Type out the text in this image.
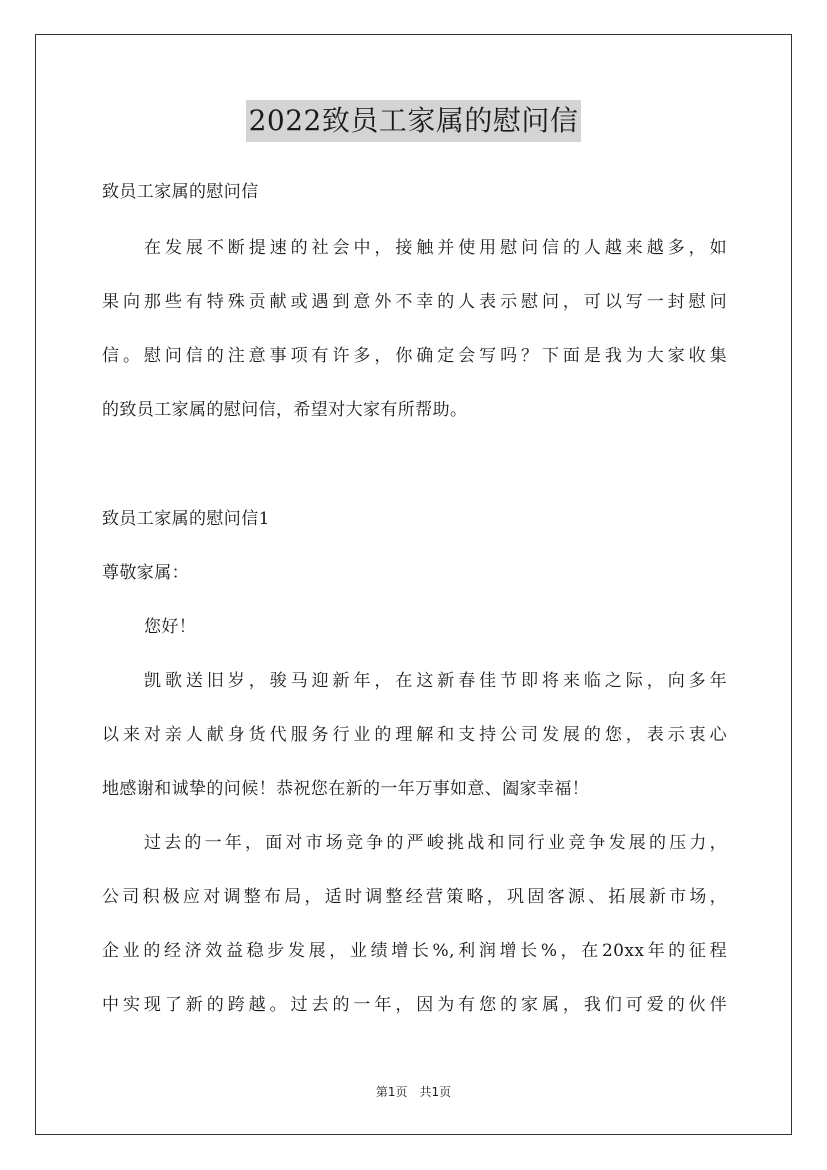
2022致员工家属的慰问信
致员工家属的慰问信
在发展不断提速的社会中，接触并使用慰问信的人越来越多，如
果向那些有特殊贡献或遇到意外不幸的人表示慰问，可以写一封慰问
信。慰问信的注意事项有许多，你确定会写吗？下面是我为大家收集
的致员工家属的慰问信，希望对大家有所帮助。
致员工家属的慰问信1
尊敬家属：
您好！
凯歌送旧岁，骏马迎新年，在这新春佳节即将来临之际，向多年
以来对亲人献身货代服务行业的理解和支持公司发展的您，表示衷心
地感谢和诚挚的问候！恭祝您在新的一年万事如意、阖家幸福！
过去的一年，面对市场竞争的严峻挑战和同行业竞争发展的压力，
公司积极应对调整布局，适时调整经营策略，巩固客源、拓展新市场，
企业的经济效益稳步发展，业绩增长%,利润增长%，在20xx年的征程
中实现了新的跨越。过去的一年，因为有您的家属，我们可爱的伙伴
第1页　共1页
